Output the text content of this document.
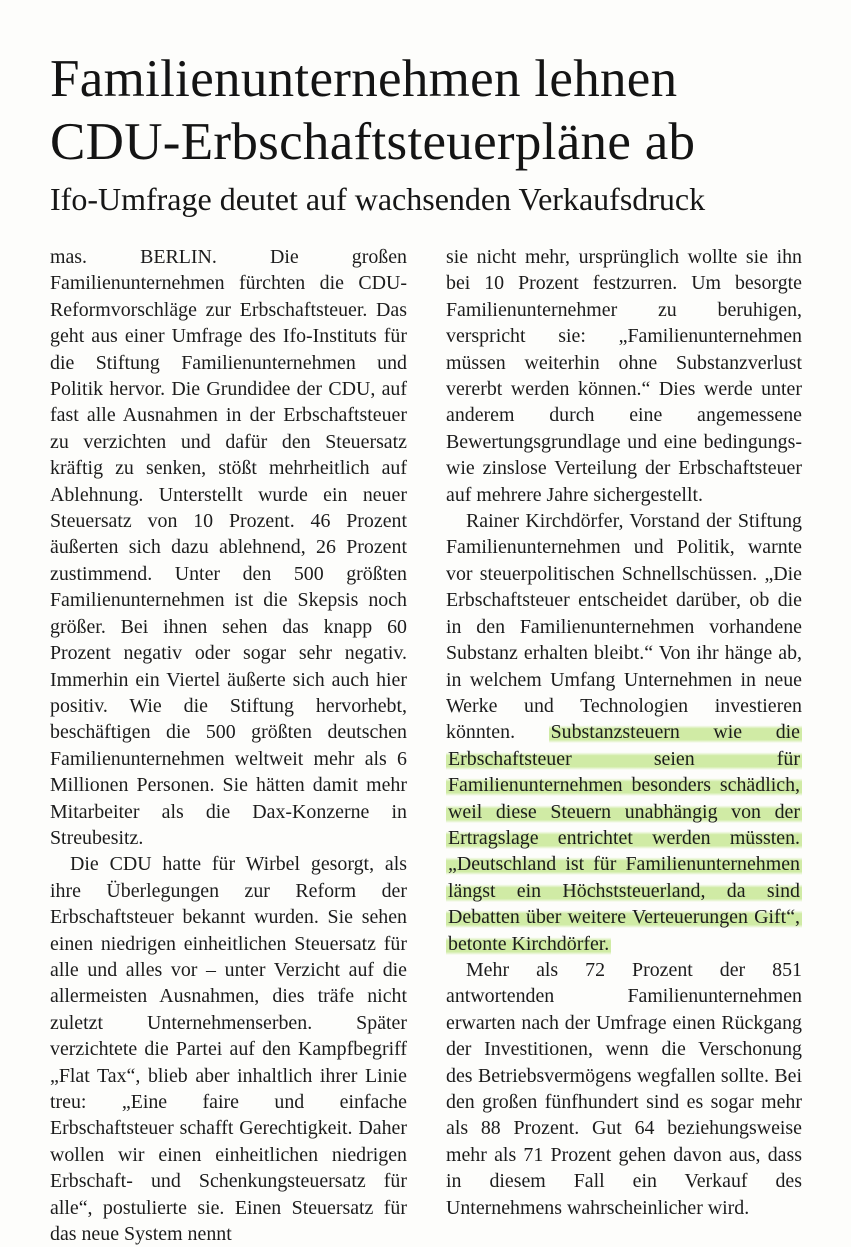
Familienunternehmen lehnen CDU-Erbschaftsteuerpläne ab
Ifo-Umfrage deutet auf wachsenden Verkaufsdruck

mas. BERLIN. Die großen Familienunternehmen fürchten die CDU-Reformvorschläge zur Erbschaftsteuer. Das geht aus einer Umfrage des Ifo-Instituts für die Stiftung Familienunternehmen und Politik hervor. Die Grundidee der CDU, auf fast alle Ausnahmen in der Erbschaftsteuer zu verzichten und dafür den Steuersatz kräftig zu senken, stößt mehrheitlich auf Ablehnung. Unterstellt wurde ein neuer Steuersatz von 10 Prozent. 46 Prozent äußerten sich dazu ablehnend, 26 Prozent zustimmend. Unter den 500 größten Familienunternehmen ist die Skepsis noch größer. Bei ihnen sehen das knapp 60 Prozent negativ oder sogar sehr negativ. Immerhin ein Viertel äußerte sich auch hier positiv. Wie die Stiftung hervorhebt, beschäftigen die 500 größten deutschen Familienunternehmen weltweit mehr als 6 Millionen Personen. Sie hätten damit mehr Mitarbeiter als die Dax-Konzerne in Streubesitz.

Die CDU hatte für Wirbel gesorgt, als ihre Überlegungen zur Reform der Erbschaftsteuer bekannt wurden. Sie sehen einen niedrigen einheitlichen Steuersatz für alle und alles vor – unter Verzicht auf die allermeisten Ausnahmen, dies träfe nicht zuletzt Unternehmenserben. Später verzichtete die Partei auf den Kampfbegriff „Flat Tax“, blieb aber inhaltlich ihrer Linie treu: „Eine faire und einfache Erbschaftsteuer schafft Gerechtigkeit. Daher wollen wir einen einheitlichen niedrigen Erbschaft- und Schenkungsteuersatz für alle“, postulierte sie. Einen Steuersatz für das neue System nennt

sie nicht mehr, ursprünglich wollte sie ihn bei 10 Prozent festzurren. Um besorgte Familienunternehmer zu beruhigen, verspricht sie: „Familienunternehmen müssen weiterhin ohne Substanzverlust vererbt werden können.“ Dies werde unter anderem durch eine angemessene Bewertungsgrundlage und eine bedingungs- wie zinslose Verteilung der Erbschaftsteuer auf mehrere Jahre sichergestellt.

Rainer Kirchdörfer, Vorstand der Stiftung Familienunternehmen und Politik, warnte vor steuerpolitischen Schnellschüssen. „Die Erbschaftsteuer entscheidet darüber, ob die in den Familienunternehmen vorhandene Substanz erhalten bleibt.“ Von ihr hänge ab, in welchem Umfang Unternehmen in neue Werke und Technologien investieren könnten. Substanzsteuern wie die Erbschaftsteuer seien für Familienunternehmen besonders schädlich, weil diese Steuern unabhängig von der Ertragslage entrichtet werden müssten. „Deutschland ist für Familienunternehmen längst ein Höchststeuerland, da sind Debatten über weitere Verteuerungen Gift“, betonte Kirchdörfer.

Mehr als 72 Prozent der 851 antwortenden Familienunternehmen erwarten nach der Umfrage einen Rückgang der Investitionen, wenn die Verschonung des Betriebsvermögens wegfallen sollte. Bei den großen fünfhundert sind es sogar mehr als 88 Prozent. Gut 64 beziehungsweise mehr als 71 Prozent gehen davon aus, dass in diesem Fall ein Verkauf des Unternehmens wahrscheinlicher wird.
